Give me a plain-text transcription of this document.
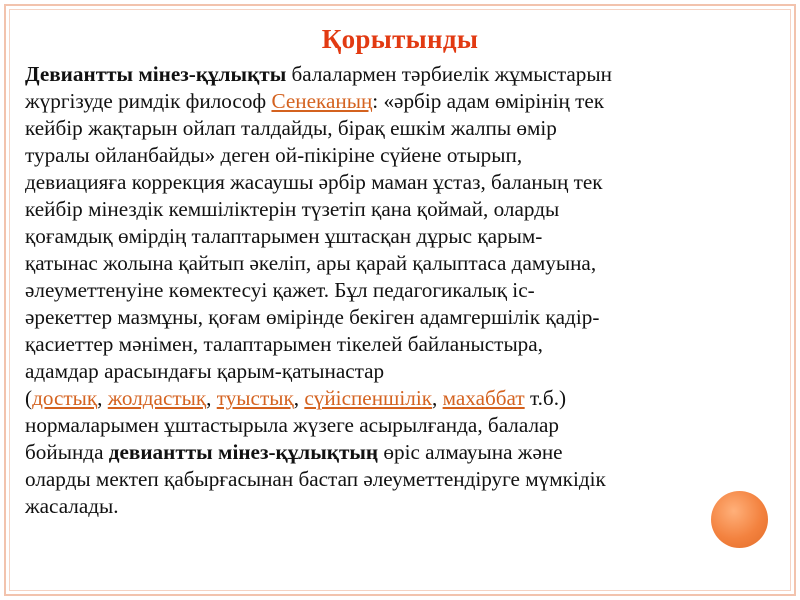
Қорытынды
Девиантты мінез-құлықты балалармен тәрбиелік жұмыстарын
жүргізуде римдік философ Сенеканың: «әрбір адам өмірінің тек
кейбір жақтарын ойлап талдайды, бірақ ешкім жалпы өмір
туралы ойланбайды» деген ой-пікіріне сүйене отырып,
девиацияға коррекция жасаушы әрбір маман ұстаз, баланың тек
кейбір мінездік кемшіліктерін түзетіп қана қоймай, оларды
қоғамдық өмірдің талаптарымен ұштасқан дұрыс қарым-
қатынас жолына қайтып әкеліп, ары қарай қалыптаса дамуына,
әлеуметтенуіне көмектесуі қажет. Бұл педагогикалық іс-
әрекеттер мазмұны, қоғам өмірінде бекіген адамгершілік қадір-
қасиеттер мәнімен, талаптарымен тікелей байланыстыра,
адамдар арасындағы қарым-қатынастар
(достық, жолдастық, туыстық, сүйіспеншілік, махаббат т.б.)
нормаларымен ұштастырыла жүзеге асырылғанда, балалар
бойында девиантты мінез-құлықтың өріс алмауына және
оларды мектеп қабырғасынан бастап әлеуметтендіруге мүмкідік
жасалады.
